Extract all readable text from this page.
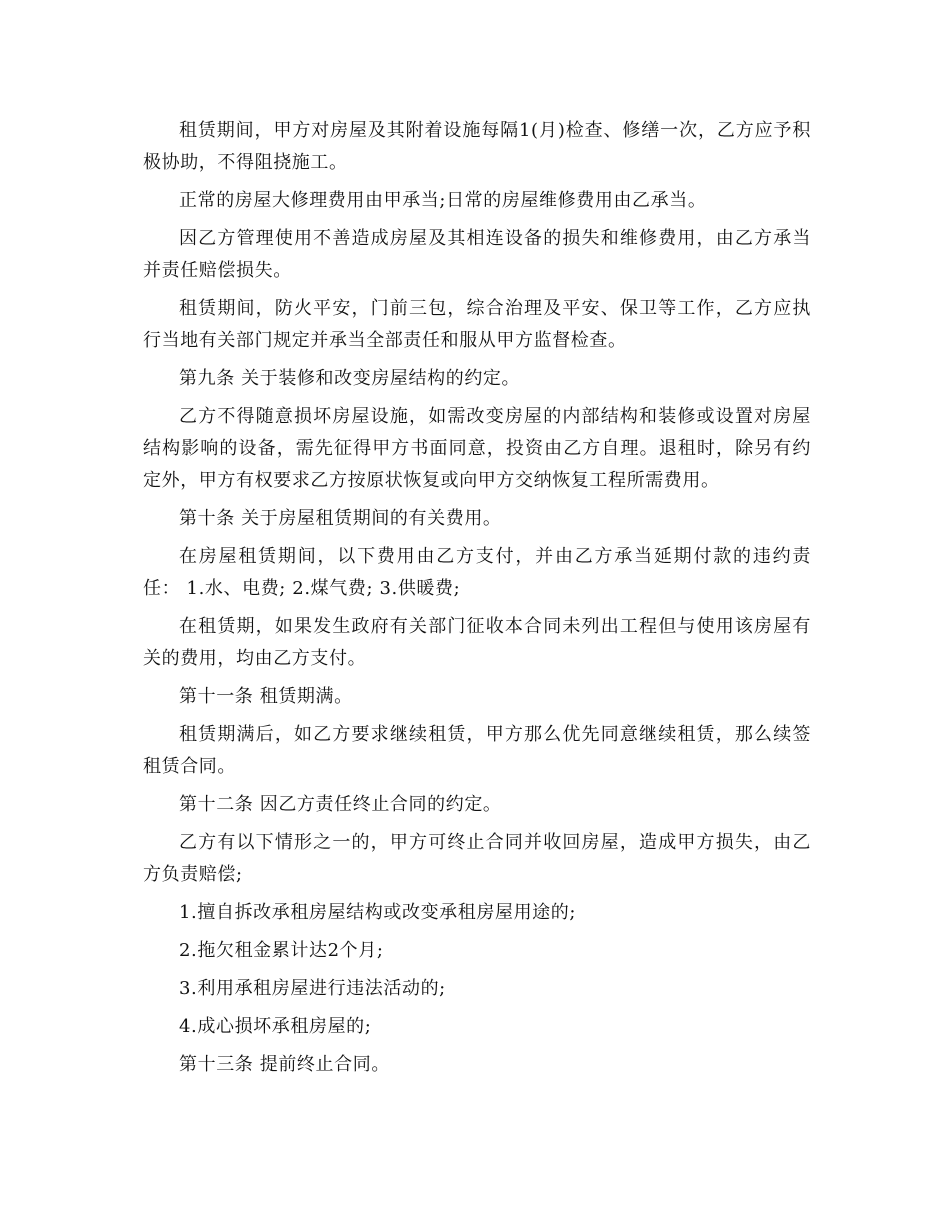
租赁期间，甲方对房屋及其附着设施每隔1(月)检查、修缮一次，乙方应予积极协助，不得阻挠施工。

正常的房屋大修理费用由甲承当;日常的房屋维修费用由乙承当。

因乙方管理使用不善造成房屋及其相连设备的损失和维修费用，由乙方承当并责任赔偿损失。

租赁期间，防火平安，门前三包，综合治理及平安、保卫等工作，乙方应执行当地有关部门规定并承当全部责任和服从甲方监督检查。

第九条 关于装修和改变房屋结构的约定。

乙方不得随意损坏房屋设施，如需改变房屋的内部结构和装修或设置对房屋结构影响的设备，需先征得甲方书面同意，投资由乙方自理。退租时，除另有约定外，甲方有权要求乙方按原状恢复或向甲方交纳恢复工程所需费用。

第十条 关于房屋租赁期间的有关费用。

在房屋租赁期间，以下费用由乙方支付，并由乙方承当延期付款的违约责任： 1.水、电费; 2.煤气费; 3.供暖费;

在租赁期，如果发生政府有关部门征收本合同未列出工程但与使用该房屋有关的费用，均由乙方支付。

第十一条 租赁期满。

租赁期满后，如乙方要求继续租赁，甲方那么优先同意继续租赁，那么续签租赁合同。

第十二条 因乙方责任终止合同的约定。

乙方有以下情形之一的，甲方可终止合同并收回房屋，造成甲方损失，由乙方负责赔偿;

1.擅自拆改承租房屋结构或改变承租房屋用途的;

2.拖欠租金累计达2个月;

3.利用承租房屋进行违法活动的;

4.成心损坏承租房屋的;

第十三条 提前终止合同。
